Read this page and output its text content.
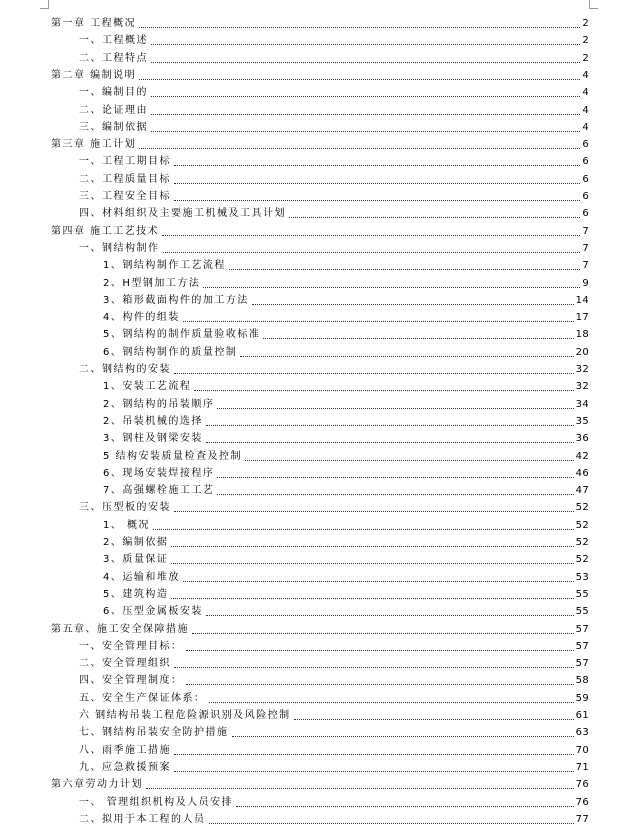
第一章 工程概况	2
一、工程概述	2
二、工程特点	2
第二章 编制说明	4
一、编制目的	4
二、论证理由	4
三、编制依据	4
第三章 施工计划	6
一、工程工期目标	6
二、工程质量目标	6
三、工程安全目标	6
四、材料组织及主要施工机械及工具计划	6
第四章 施工工艺技术	7
一、钢结构制作	7
1、钢结构制作工艺流程	7
2、H型钢加工方法	9
3、箱形截面构件的加工方法	14
4、构件的组装	17
5、钢结构的制作质量验收标准	18
6、钢结构制作的质量控制	20
二、钢结构的安装	32
1、安装工艺流程	32
2、钢结构的吊装顺序	34
2、吊装机械的选择	35
3、钢柱及钢梁安装	36
5 结构安装质量检查及控制	42
6、现场安装焊接程序	46
7、高强螺栓施工工艺	47
三、压型板的安装	52
1、 概况	52
2、编制依据	52
3、质量保证	52
4、运输和堆放	53
5、建筑构造	55
6、压型金属板安装	55
第五章、施工安全保障措施	57
一、安全管理目标：	57
二、安全管理组织	57
四、安全管理制度：	58
五、安全生产保证体系：	59
六 钢结构吊装工程危险源识别及风险控制	61
七、钢结构吊装安全防护措施	63
八、雨季施工措施	70
九、应急救援预案	71
第六章劳动力计划	76
一、 管理组织机构及人员安排	76
二、拟用于本工程的人员	77
